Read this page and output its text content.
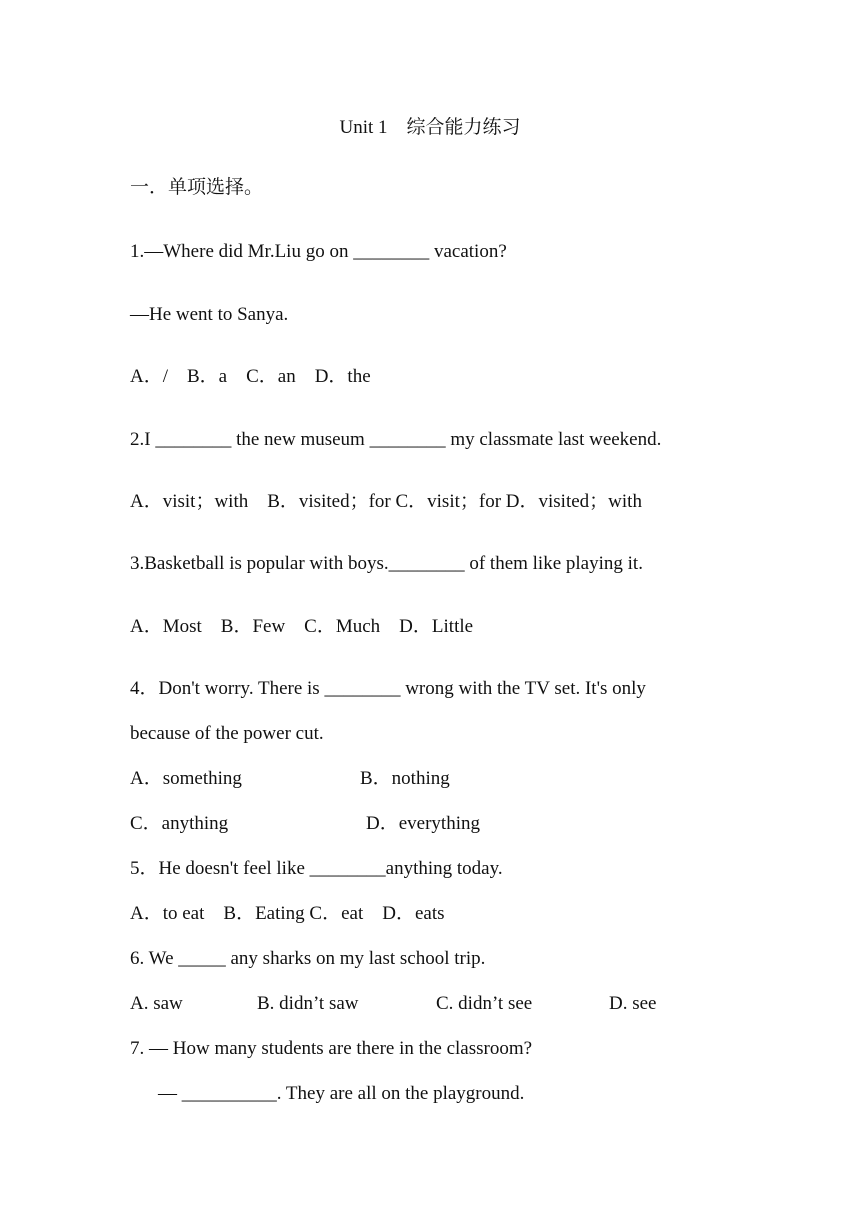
Unit 1　综合能力练习
一．单项选择。
1.—Where did Mr.Liu go on ________ vacation?
—He went to Sanya.
A．/　B．a　C．an　D．the
2.I ________ the new museum ________ my classmate last weekend.
A．visit；with　B．visited；for C．visit；for D．visited；with
3.Basketball is popular with boys.________ of them like playing it.
A．Most　B．Few　C．Much　D．Little
4．Don't worry. There is ________ wrong with the TV set. It's only
because of the power cut.
A．something	B．nothing
C．anything	D．everything
5．He doesn't feel like ________anything today.
A．to eat　B．Eating C．eat　D．eats
6. We _____ any sharks on my last school trip.
A. saw	B. didn’t saw	C. didn’t see	D. see
7. — How many students are there in the classroom?
— __________. They are all on the playground.
